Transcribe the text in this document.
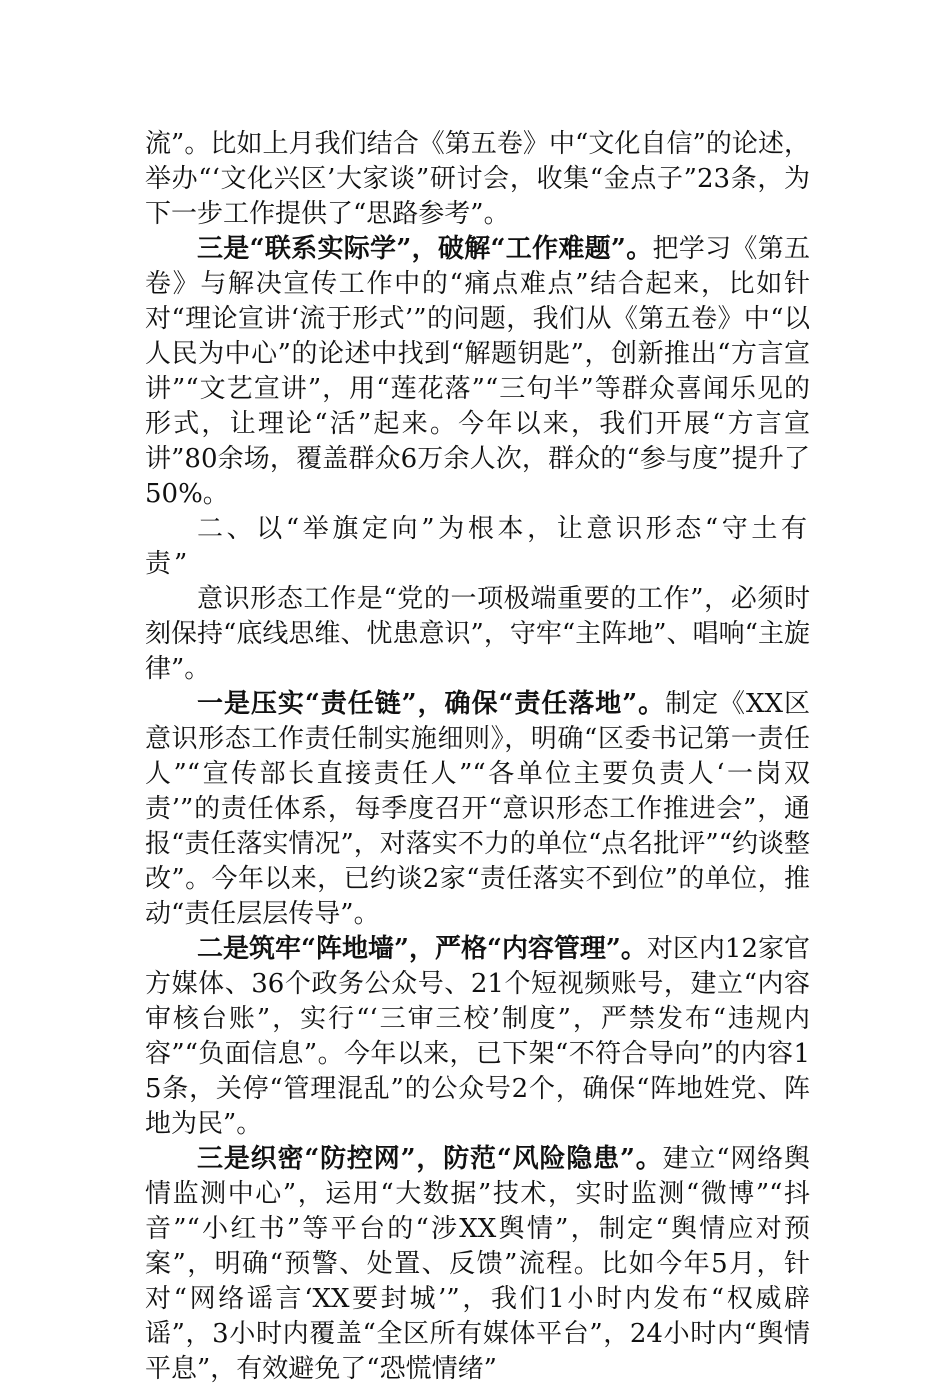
流”。比如上月我们结合《第五卷》中“文化自信”的论述，举办“‘文化兴区’大家谈”研讨会，收集“金点子”23条，为下一步工作提供了“思路参考”。

三是“联系实际学”，破解“工作难题”。把学习《第五卷》与解决宣传工作中的“痛点难点”结合起来，比如针对“理论宣讲‘流于形式’”的问题，我们从《第五卷》中“以人民为中心”的论述中找到“解题钥匙”，创新推出“方言宣讲”“文艺宣讲”，用“莲花落”“三句半”等群众喜闻乐见的形式，让理论“活”起来。今年以来，我们开展“方言宣讲”80余场，覆盖群众6万余人次，群众的“参与度”提升了50%。

二、以“举旗定向”为根本，让意识形态“守土有责”

意识形态工作是“党的一项极端重要的工作”，必须时刻保持“底线思维、忧患意识”，守牢“主阵地”、唱响“主旋律”。

一是压实“责任链”，确保“责任落地”。制定《XX区意识形态工作责任制实施细则》，明确“区委书记第一责任人”“宣传部长直接责任人”“各单位主要负责人‘一岗双责’”的责任体系，每季度召开“意识形态工作推进会”，通报“责任落实情况”，对落实不力的单位“点名批评”“约谈整改”。今年以来，已约谈2家“责任落实不到位”的单位，推动“责任层层传导”。

二是筑牢“阵地墙”，严格“内容管理”。对区内12家官方媒体、36个政务公众号、21个短视频账号，建立“内容审核台账”，实行“‘三审三校’制度”，严禁发布“违规内容”“负面信息”。今年以来，已下架“不符合导向”的内容15条，关停“管理混乱”的公众号2个，确保“阵地姓党、阵地为民”。

三是织密“防控网”，防范“风险隐患”。建立“网络舆情监测中心”，运用“大数据”技术，实时监测“微博”“抖音”“小红书”等平台的“涉XX舆情”，制定“舆情应对预案”，明确“预警、处置、反馈”流程。比如今年5月，针对“网络谣言‘XX要封城’”，我们1小时内发布“权威辟谣”，3小时内覆盖“全区所有媒体平台”，24小时内“舆情平息”，有效避免了“恐慌情绪”
